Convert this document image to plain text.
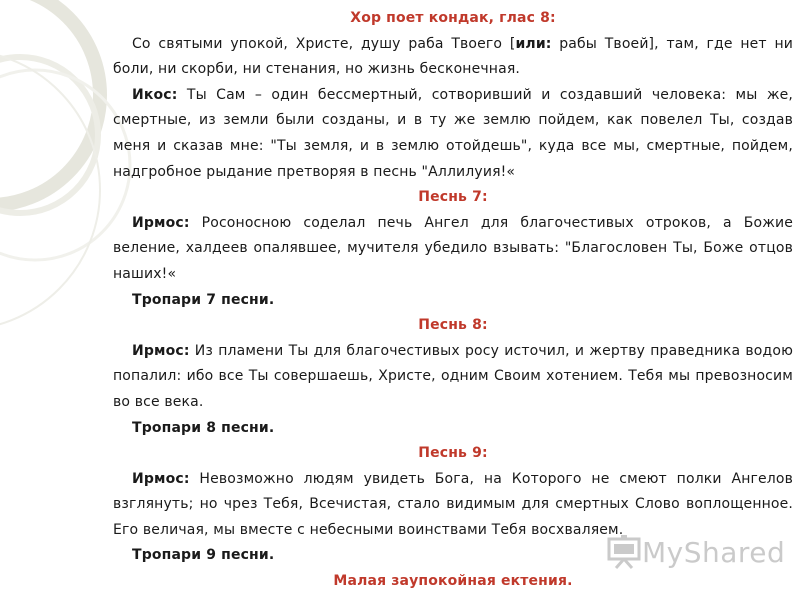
Хор поет кондак, глас 8:

Со святыми упокой, Христе, душу раба Твоего [или: рабы Твоей], там, где нет ни боли, ни скорби, ни стенания, но жизнь бесконечная.

Икос: Ты Сам – один бессмертный, сотворивший и создавший человека: мы же, смертные, из земли были созданы, и в ту же землю пойдем, как повелел Ты, создав меня и сказав мне: "Ты земля, и в землю отойдешь", куда все мы, смертные, пойдем, надгробное рыдание претворяя в песнь "Аллилуия!«

Песнь 7:

Ирмос: Росоносною соделал печь Ангел для благочестивых отроков, а Божие веление, халдеев опалявшее, мучителя убедило взывать: "Благословен Ты, Боже отцов наших!«

Тропари 7 песни.

Песнь 8:

Ирмос: Из пламени Ты для благочестивых росу источил, и жертву праведника водою попалил: ибо все Ты совершаешь, Христе, одним Своим хотением. Тебя мы превозносим во все века.

Тропари 8 песни.

Песнь 9:

Ирмос: Невозможно людям увидеть Бога, на Которого не смеют полки Ангелов взглянуть; но чрез Тебя, Всечистая, стало видимым для смертных Слово воплощенное. Его величая, мы вместе с небесными воинствами Тебя восхваляем.

Тропари 9 песни.

Малая заупокойная ектения.

MyShared
